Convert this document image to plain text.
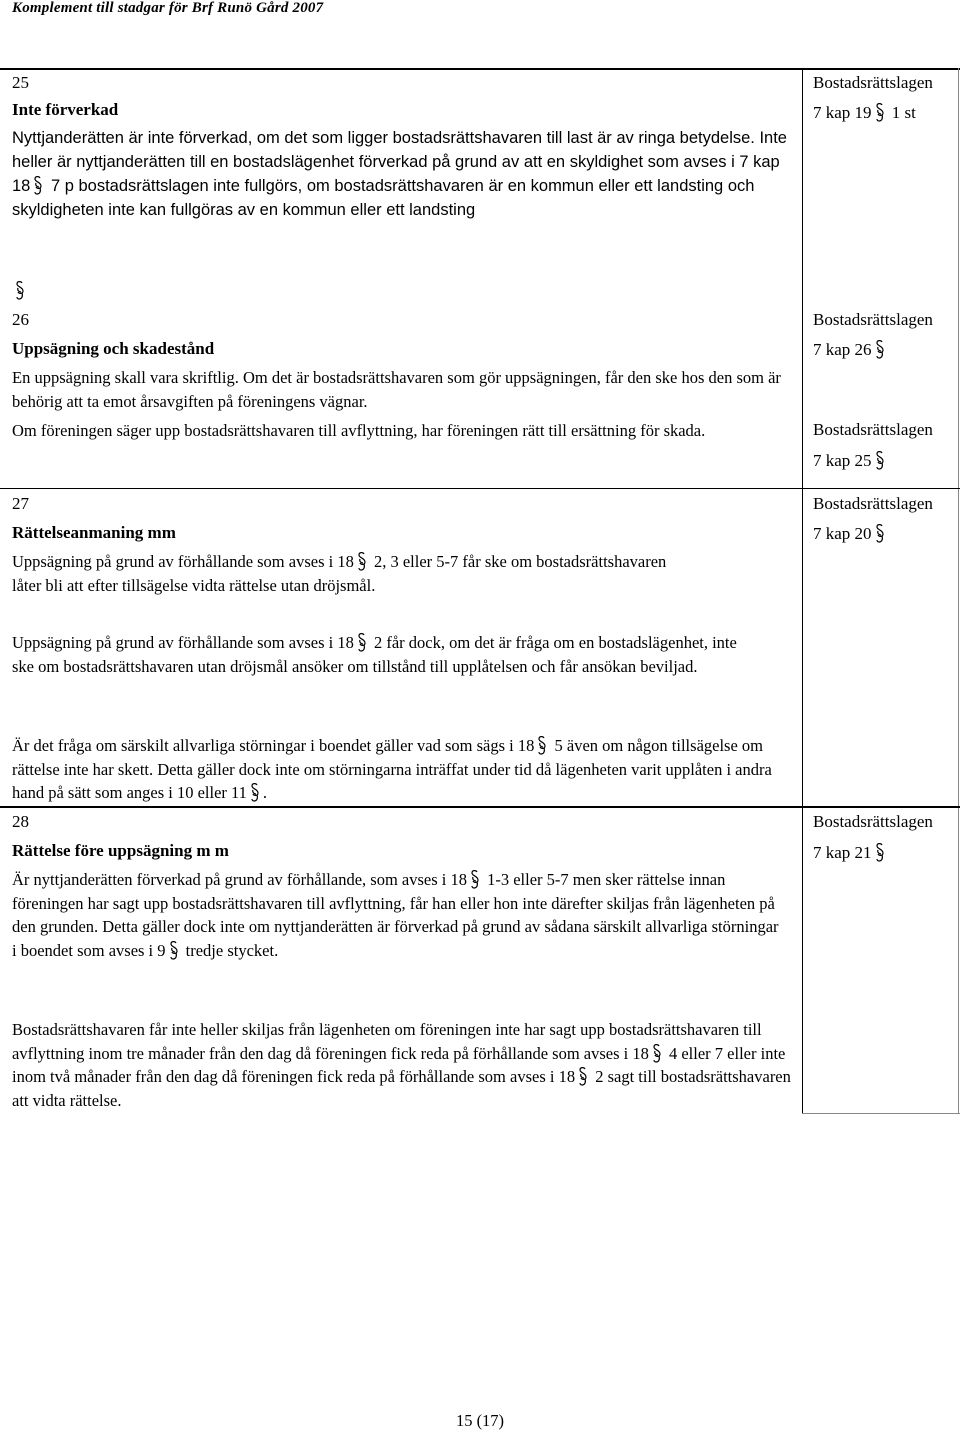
Komplement till stadgar för Brf Runö Gård 2007
25
Inte förverkad
Nyttjanderätten är inte förverkad, om det som ligger bostadsrättshavaren till last är av ringa betydelse. Inte heller är nyttjanderätten till en bostadslägenhet förverkad på grund av att en skyldighet som avses i 7 kap 18
7 p bostadsrättslagen inte fullgörs, om bostadsrättshavaren är en kommun eller ett landsting och skyldigheten inte kan fullgöras av en kommun eller ett landsting
Bostadsrättslagen
7 kap 19
1 st
26
Uppsägning och skadestånd
En uppsägning skall vara skriftlig. Om det är bostadsrättshavaren som gör uppsägningen, får den ske hos den som är behörig att ta emot årsavgiften på föreningens vägnar.
Om föreningen säger upp bostadsrättshavaren till avflyttning, har föreningen rätt till ersättning för skada.
Bostadsrättslagen
7 kap 26
Bostadsrättslagen
7 kap 25
27
Rättelseanmaning mm
Uppsägning på grund av förhållande som avses i 18
2, 3 eller 5-7 får ske om bostadsrättshavaren låter bli att efter tillsägelse vidta rättelse utan dröjsmål.
Uppsägning på grund av förhållande som avses i 18
2 får dock, om det är fråga om en bostadslägenhet, inte ske om bostadsrättshavaren utan dröjsmål ansöker om tillstånd till upplåtelsen och får ansökan beviljad.
Är det fråga om särskilt allvarliga störningar i boendet gäller vad som sägs i 18
5 även om någon tillsägelse om rättelse inte har skett. Detta gäller dock inte om störningarna inträffat under tid då lägenheten varit upplåten i andra hand på sätt som anges i 10 eller 11 .
Bostadsrättslagen
7 kap 20
28
Rättelse före uppsägning m m
Är nyttjanderätten förverkad på grund av förhållande, som avses i 18
1-3 eller 5-7 men sker rättelse innan föreningen har sagt upp bostadsrättshavaren till avflyttning, får han eller hon inte därefter skiljas från lägenheten på den grunden. Detta gäller dock inte om nyttjanderätten är förverkad på grund av sådana särskilt allvarliga störningar i boendet som avses i 9
tredje stycket.
Bostadsrättshavaren får inte heller skiljas från lägenheten om föreningen inte har sagt upp bostadsrättshavaren till avflyttning inom tre månader från den dag då föreningen fick reda på förhållande som avses i 18
4 eller 7 eller inte inom två månader från den dag då föreningen fick reda på förhållande som avses i 18
2 sagt till bostadsrättshavaren att vidta rättelse.
Bostadsrättslagen
7 kap 21
15 (17)
